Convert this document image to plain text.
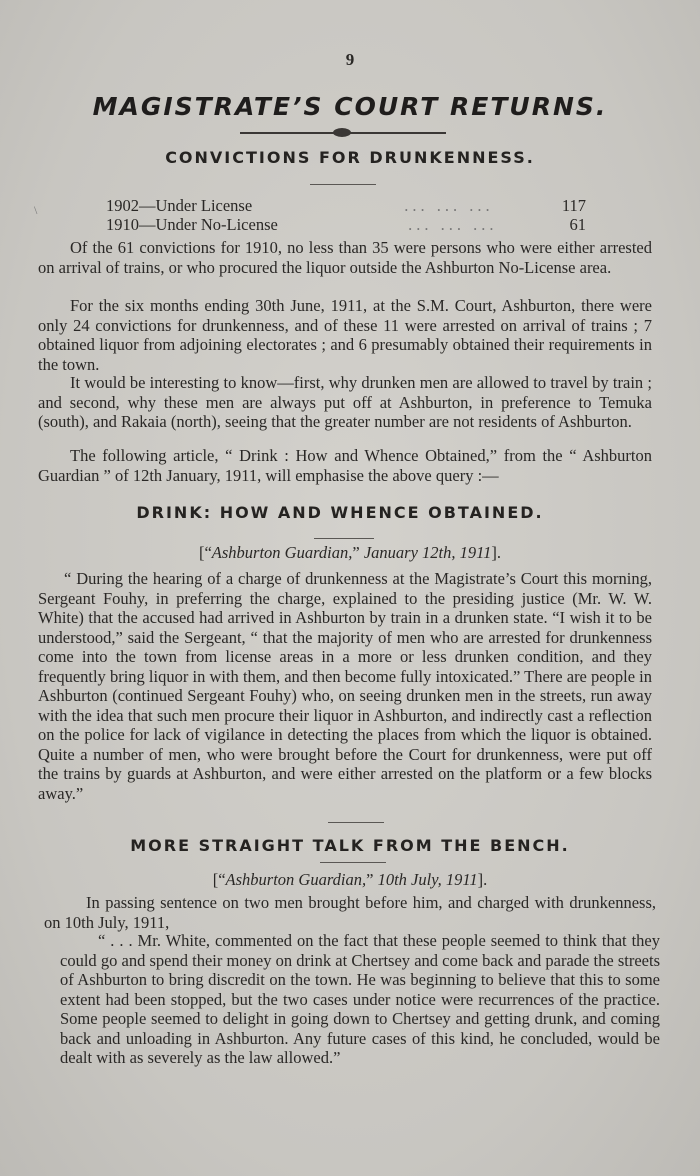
9
MAGISTRATE’S COURT RETURNS.
CONVICTIONS FOR DRUNKENNESS.
\	1902—Under License	... ... ...	117
1910—Under No-License	... ... ...	61

Of the 61 convictions for 1910, no less than 35 were persons who were either arrested on arrival of trains, or who procured the liquor outside the Ashburton No-License area.

For the six months ending 30th June, 1911, at the S.M. Court, Ashburton, there were only 24 convictions for drunkenness, and of these 11 were arrested on arrival of trains ; 7 obtained liquor from adjoining electorates ; and 6 presumably obtained their requirements in the town.

It would be interesting to know—first, why drunken men are allowed to travel by train ; and second, why these men are always put off at Ashburton, in preference to Temuka (south), and Rakaia (north), seeing that the greater number are not residents of Ashburton.

The following article, “ Drink : How and Whence Obtained,” from the “ Ashburton Guardian ” of 12th January, 1911, will emphasise the above query :—

DRINK: HOW AND WHENCE OBTAINED.
[“Ashburton Guardian,” January 12th, 1911].

“ During the hearing of a charge of drunkenness at the Magistrate’s Court this morning, Sergeant Fouhy, in preferring the charge, explained to the presiding justice (Mr. W. W. White) that the accused had arrived in Ashburton by train in a drunken state. “I wish it to be understood,” said the Sergeant, “ that the majority of men who are arrested for drunkenness come into the town from license areas in a more or less drunken condition, and they frequently bring liquor in with them, and then become fully intoxicated.” There are people in Ashburton (continued Sergeant Fouhy) who, on seeing drunken men in the streets, run away with the idea that such men procure their liquor in Ashburton, and indirectly cast a reflection on the police for lack of vigilance in detecting the places from which the liquor is obtained. Quite a number of men, who were brought before the Court for drunkenness, were put off the trains by guards at Ashburton, and were either arrested on the platform or a few blocks away.”

MORE STRAIGHT TALK FROM THE BENCH.
[“Ashburton Guardian,” 10th July, 1911].

In passing sentence on two men brought before him, and charged with drunkenness, on 10th July, 1911,

“ . . . Mr. White, commented on the fact that these people seemed to think that they could go and spend their money on drink at Chertsey and come back and parade the streets of Ashburton to bring discredit on the town. He was beginning to believe that this to some extent had been stopped, but the two cases under notice were recurrences of the practice. Some people seemed to delight in going down to Chertsey and getting drunk, and coming back and unloading in Ashburton. Any future cases of this kind, he concluded, would be dealt with as severely as the law allowed.”
